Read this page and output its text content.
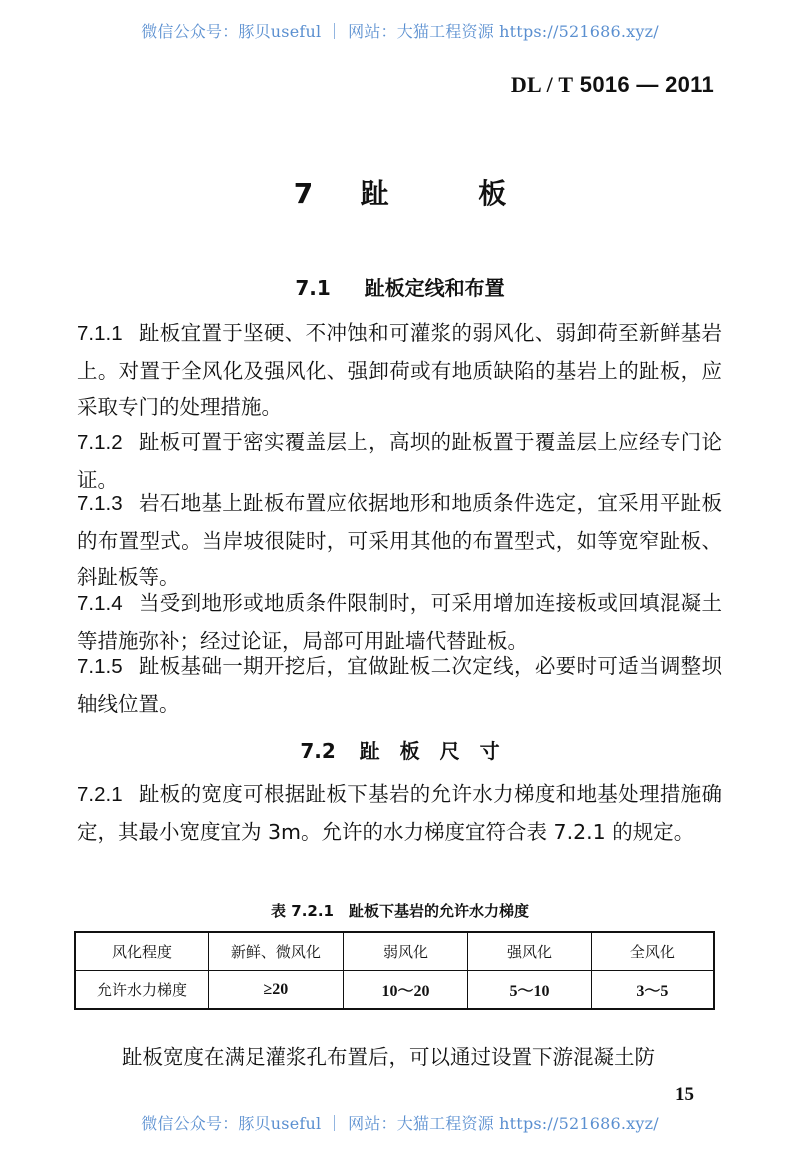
微信公众号：豚贝useful ｜ 网站：大猫工程资源 https://521686.xyz/
DL / T 5016 — 2011
7 趾	板
7.1 趾板定线和布置
7.1.1 趾板宜置于坚硬、不冲蚀和可灌浆的弱风化、弱卸荷至新鲜基岩上。对置于全风化及强风化、强卸荷或有地质缺陷的基岩上的趾板，应采取专门的处理措施。
7.1.2 趾板可置于密实覆盖层上，高坝的趾板置于覆盖层上应经专门论证。
7.1.3 岩石地基上趾板布置应依据地形和地质条件选定，宜采用平趾板的布置型式。当岸坡很陡时，可采用其他的布置型式，如等宽窄趾板、斜趾板等。
7.1.4 当受到地形或地质条件限制时，可采用增加连接板或回填混凝土等措施弥补；经过论证，局部可用趾墙代替趾板。
7.1.5 趾板基础一期开挖后，宜做趾板二次定线，必要时可适当调整坝轴线位置。
7.2 趾　板　尺　寸
7.2.1 趾板的宽度可根据趾板下基岩的允许水力梯度和地基处理措施确定，其最小宽度宜为 3m。允许的水力梯度宜符合表 7.2.1 的规定。
表 7.2.1　趾板下基岩的允许水力梯度
风化程度	新鲜、微风化	弱风化	强风化	全风化
允许水力梯度	≥20	10～20	5～10	3～5
趾板宽度在满足灌浆孔布置后，可以通过设置下游混凝土防
15
微信公众号：豚贝useful ｜ 网站：大猫工程资源 https://521686.xyz/
